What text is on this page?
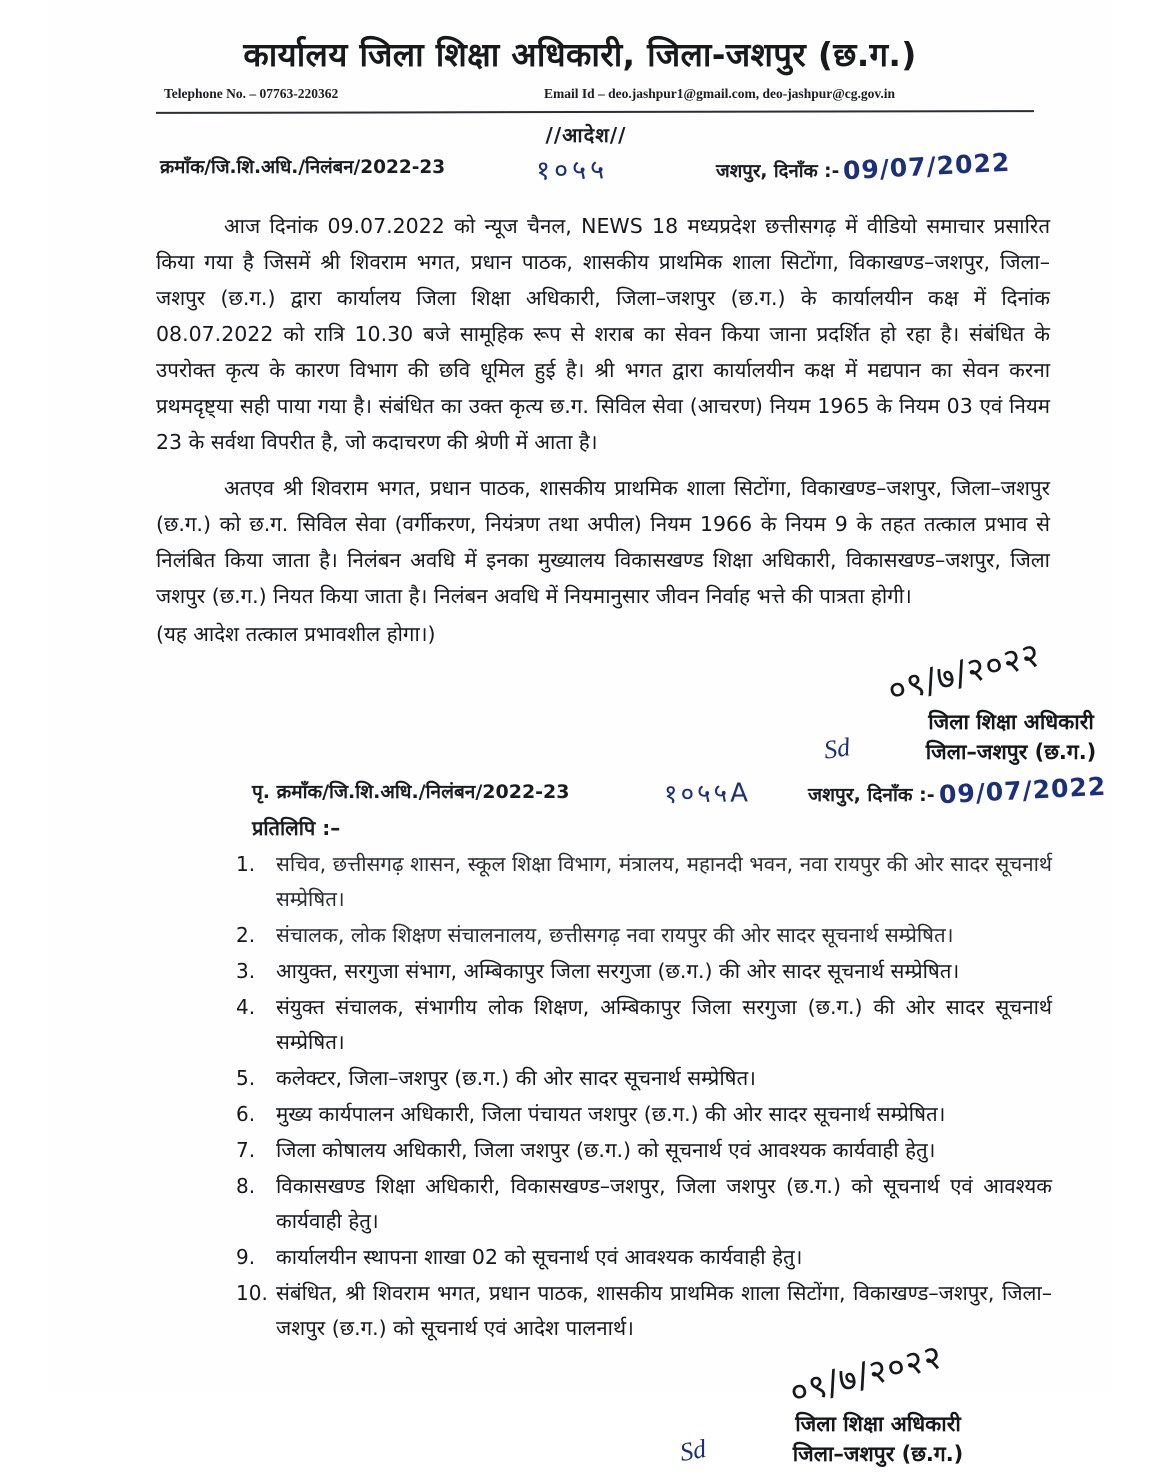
कार्यालय जिला शिक्षा अधिकारी, जिला-जशपुर (छ.ग.)
Telephone No. – 07763-220362	Email Id – deo.jashpur1@gmail.com, deo-jashpur@cg.gov.in
//आदेश//
क्रमाँक/जि.शि.अधि./निलंबन/2022-23	१०५५	जशपुर, दिनाँक :- 09/07/2022

आज दिनांक 09.07.2022 को न्यूज चैनल, NEWS 18 मध्यप्रदेश छत्तीसगढ़ में वीडियो समाचार प्रसारित किया गया है जिसमें श्री शिवराम भगत, प्रधान पाठक, शासकीय प्राथमिक शाला सिटोंगा, विकाखण्ड–जशपुर, जिला–जशपुर (छ.ग.) द्वारा कार्यालय जिला शिक्षा अधिकारी, जिला–जशपुर (छ.ग.) के कार्यालयीन कक्ष में दिनांक 08.07.2022 को रात्रि 10.30 बजे सामूहिक रूप से शराब का सेवन किया जाना प्रदर्शित हो रहा है। संबंधित के उपरोक्त कृत्य के कारण विभाग की छवि धूमिल हुई है। श्री भगत द्वारा कार्यालयीन कक्ष में मद्यपान का सेवन करना प्रथमदृष्ट्या सही पाया गया है। संबंधित का उक्त कृत्य छ.ग. सिविल सेवा (आचरण) नियम 1965 के नियम 03 एवं नियम 23 के सर्वथा विपरीत है, जो कदाचरण की श्रेणी में आता है।

अतएव श्री शिवराम भगत, प्रधान पाठक, शासकीय प्राथमिक शाला सिटोंगा, विकाखण्ड–जशपुर, जिला–जशपुर (छ.ग.) को छ.ग. सिविल सेवा (वर्गीकरण, नियंत्रण तथा अपील) नियम 1966 के नियम 9 के तहत तत्काल प्रभाव से निलंबित किया जाता है। निलंबन अवधि में इनका मुख्यालय विकासखण्ड शिक्षा अधिकारी, विकासखण्ड–जशपुर, जिला जशपुर (छ.ग.) नियत किया जाता है। निलंबन अवधि में नियमानुसार जीवन निर्वाह भत्ते की पात्रता होगी।

(यह आदेश तत्काल प्रभावशील होगा।)

०९/७/२०२२
Sd
जिला शिक्षा अधिकारी
जिला–जशपुर (छ.ग.)
पृ. क्रमाँक/जि.शि.अधि./निलंबन/2022-23	१०५५A	जशपुर, दिनाँक :- 09/07/2022
प्रतिलिपि :–
1.	सचिव, छत्तीसगढ़ शासन, स्कूल शिक्षा विभाग, मंत्रालय, महानदी भवन, नवा रायपुर की ओर सादर सूचनार्थ सम्प्रेषित।
2.	संचालक, लोक शिक्षण संचालनालय, छत्तीसगढ़ नवा रायपुर की ओर सादर सूचनार्थ सम्प्रेषित।
3.	आयुक्त, सरगुजा संभाग, अम्बिकापुर जिला सरगुजा (छ.ग.) की ओर सादर सूचनार्थ सम्प्रेषित।
4.	संयुक्त संचालक, संभागीय लोक शिक्षण, अम्बिकापुर जिला सरगुजा (छ.ग.) की ओर सादर सूचनार्थ सम्प्रेषित।
5.	कलेक्टर, जिला–जशपुर (छ.ग.) की ओर सादर सूचनार्थ सम्प्रेषित।
6.	मुख्य कार्यपालन अधिकारी, जिला पंचायत जशपुर (छ.ग.) की ओर सादर सूचनार्थ सम्प्रेषित।
7.	जिला कोषालय अधिकारी, जिला जशपुर (छ.ग.) को सूचनार्थ एवं आवश्यक कार्यवाही हेतु।
8.	विकासखण्ड शिक्षा अधिकारी, विकासखण्ड–जशपुर, जिला जशपुर (छ.ग.) को सूचनार्थ एवं आवश्यक कार्यवाही हेतु।
9.	कार्यालयीन स्थापना शाखा 02 को सूचनार्थ एवं आवश्यक कार्यवाही हेतु।
10. संबंधित, श्री शिवराम भगत, प्रधान पाठक, शासकीय प्राथमिक शाला सिटोंगा, विकाखण्ड–जशपुर, जिला–जशपुर (छ.ग.) को सूचनार्थ एवं आदेश पालनार्थ।
०९/७/२०२२
Sd
जिला शिक्षा अधिकारी
जिला–जशपुर (छ.ग.)
